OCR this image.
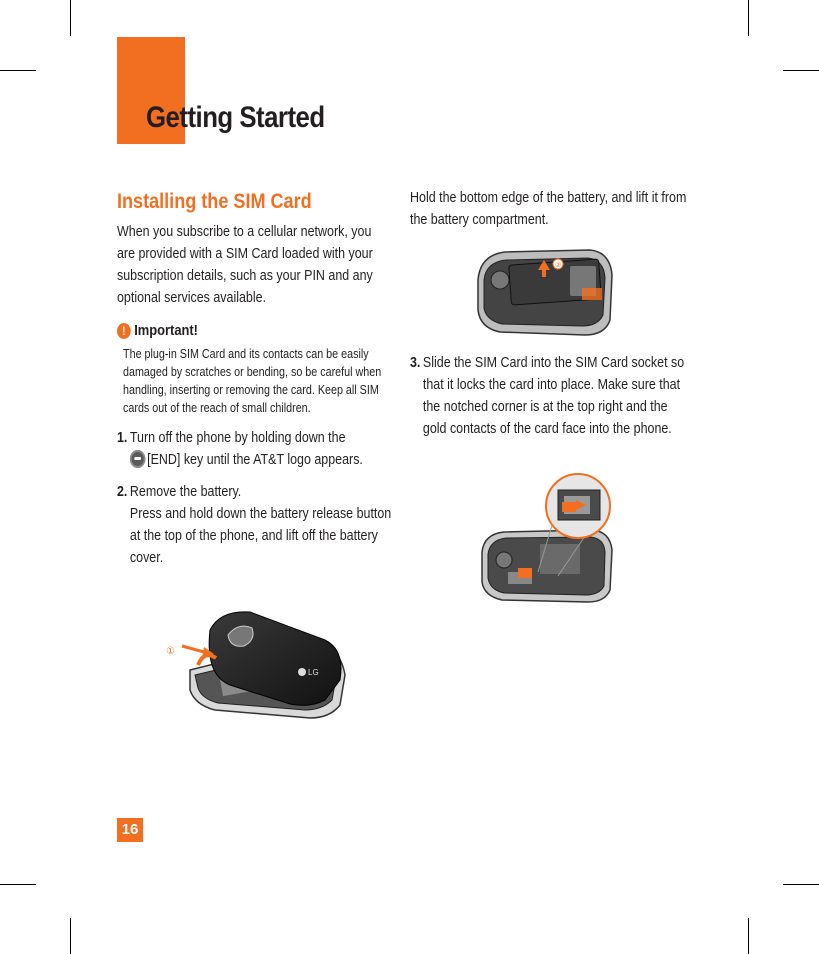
Getting Started
Installing the SIM Card

When you subscribe to a cellular network, you are provided with a SIM Card loaded with your subscription details, such as your PIN and any optional services available.

! Important!
The plug-in SIM Card and its contacts can be easily damaged by scratches or bending, so be careful when handling, inserting or removing the card. Keep all SIM cards out of the reach of small children.
1. Turn off the phone by holding down the
[END] key until the AT&T logo appears.
2. Remove the battery.
Press and hold down the battery release button at the top of the phone, and lift off the battery cover.
LG
①

Hold the bottom edge of the battery, and lift it from the battery compartment.

②
3. Slide the SIM Card into the SIM Card socket so that it locks the card into place. Make sure that the notched corner is at the top right and the gold contacts of the card face into the phone.
16
